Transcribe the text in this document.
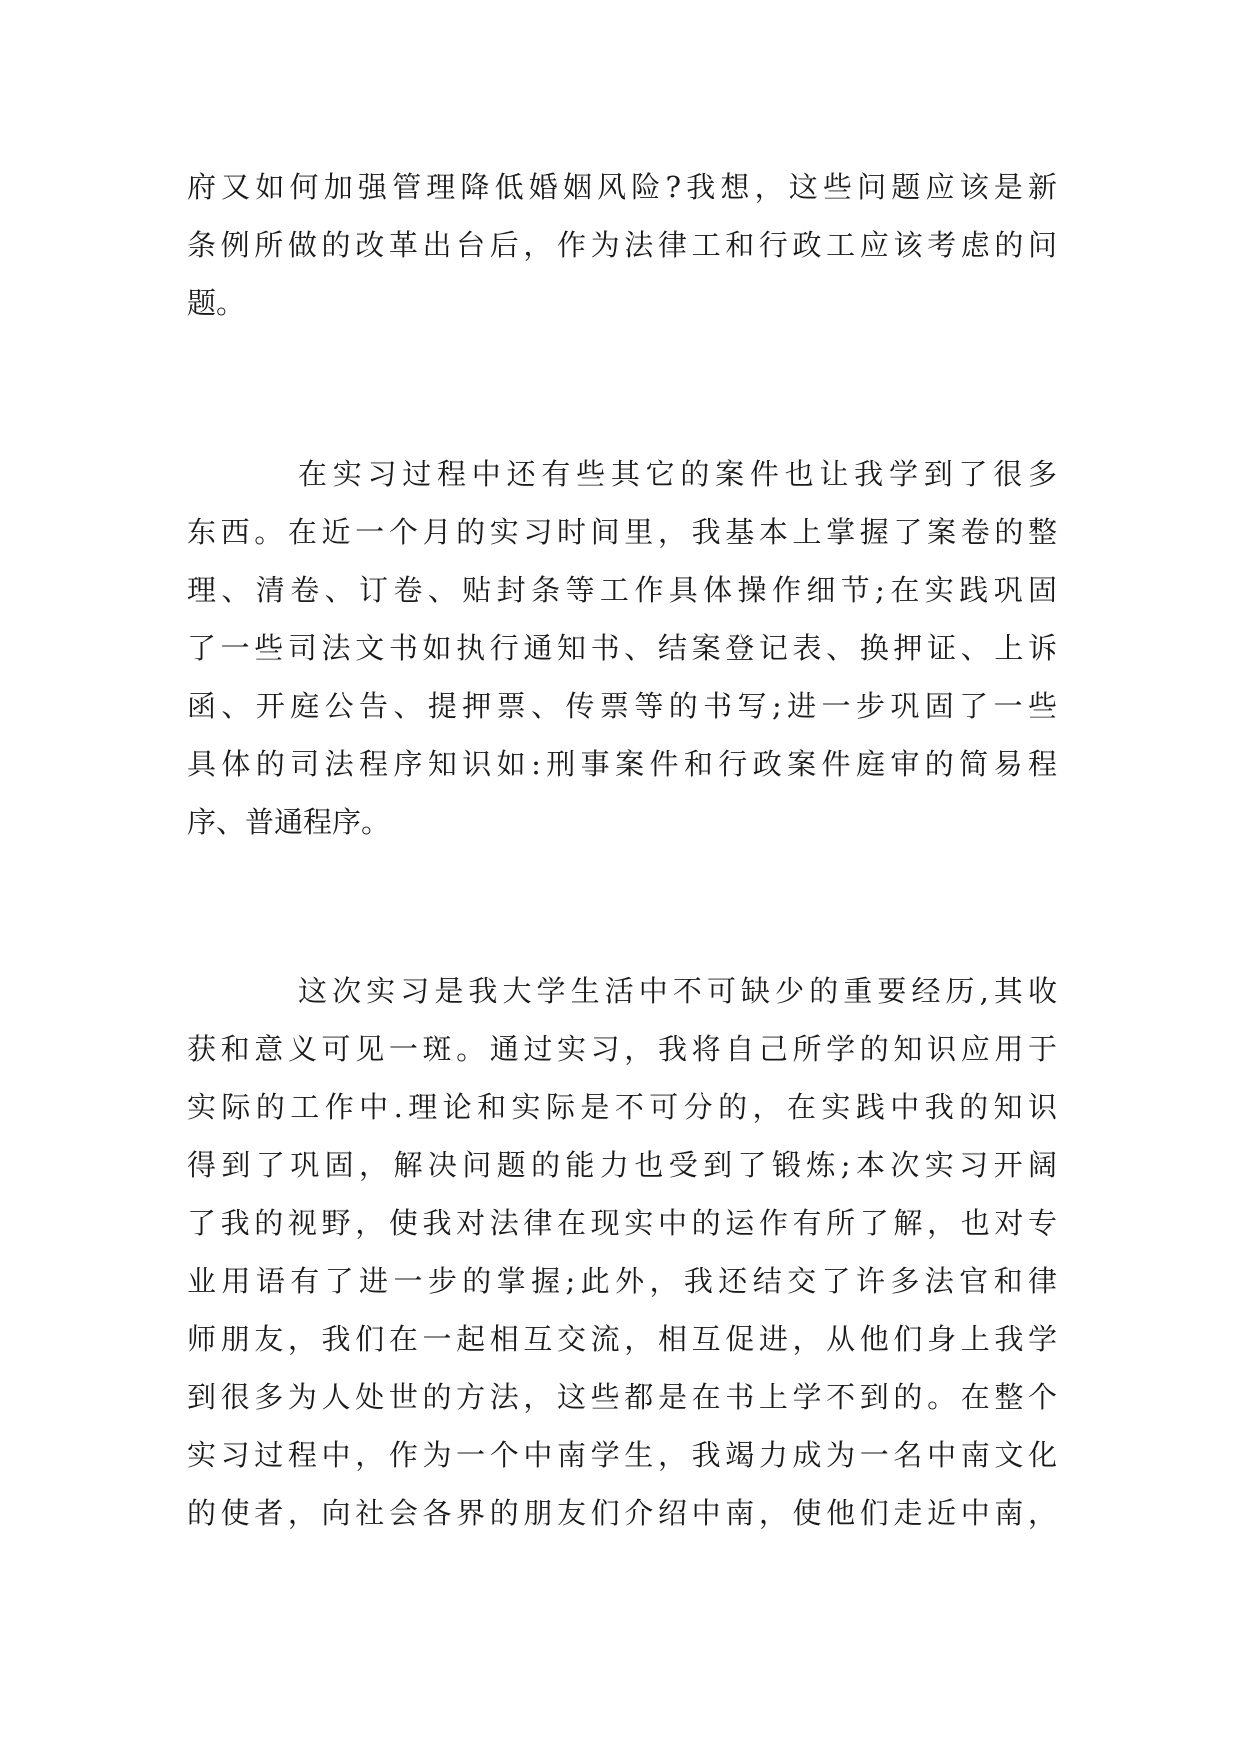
府又如何加强管理降低婚姻风险?我想，这些问题应该是新
条例所做的改革出台后，作为法律工和行政工应该考虑的问
题。
在实习过程中还有些其它的案件也让我学到了很多
东西。在近一个月的实习时间里，我基本上掌握了案卷的整
理、清卷、订卷、贴封条等工作具体操作细节;在实践巩固
了一些司法文书如执行通知书、结案登记表、换押证、上诉
函、开庭公告、提押票、传票等的书写;进一步巩固了一些
具体的司法程序知识如:刑事案件和行政案件庭审的简易程
序、普通程序。
这次实习是我大学生活中不可缺少的重要经历,其收
获和意义可见一斑。通过实习，我将自己所学的知识应用于
实际的工作中.理论和实际是不可分的，在实践中我的知识
得到了巩固，解决问题的能力也受到了锻炼;本次实习开阔
了我的视野，使我对法律在现实中的运作有所了解，也对专
业用语有了进一步的掌握;此外，我还结交了许多法官和律
师朋友，我们在一起相互交流，相互促进，从他们身上我学
到很多为人处世的方法，这些都是在书上学不到的。在整个
实习过程中，作为一个中南学生，我竭力成为一名中南文化
的使者，向社会各界的朋友们介绍中南，使他们走近中南，
